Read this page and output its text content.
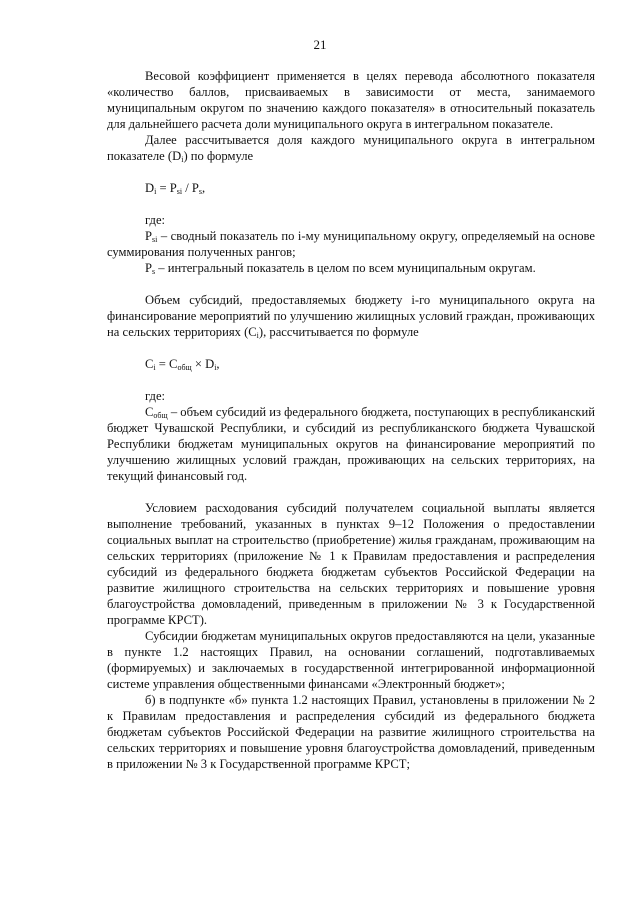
21

Весовой коэффициент применяется в целях перевода абсолютного показателя «количество баллов, присваиваемых в зависимости от места, занимаемого муниципальным округом по значению каждого показателя» в относительный показатель для дальнейшего расчета доли муниципального округа в интегральном показателе.

Далее рассчитывается доля каждого муниципального округа в интегральном показателе $(D_i)$ по формуле

$D_i = P_{si} / P_s$,

где:

$P_{si}$ – сводный показатель по i-му муниципальному округу, определяемый на основе суммирования полученных рангов;

$P_s$ – интегральный показатель в целом по всем муниципальным округам.

Объем субсидий, предоставляемых бюджету i-го муниципального округа на финансирование мероприятий по улучшению жилищных условий граждан, проживающих на сельских территориях $(C_i)$, рассчитывается по формуле

$C_i = C_{общ} \times D_i$,

где:

$C_{общ}$ – объем субсидий из федерального бюджета, поступающих в республиканский бюджет Чувашской Республики, и субсидий из республиканского бюджета Чувашской Республики бюджетам муниципальных округов на финансирование мероприятий по улучшению жилищных условий граждан, проживающих на сельских территориях, на текущий финансовый год.

Условием расходования субсидий получателем социальной выплаты является выполнение требований, указанных в пунктах 9–12 Положения о предоставлении социальных выплат на строительство (приобретение) жилья гражданам, проживающим на сельских территориях (приложение № 1 к Правилам предоставления и распределения субсидий из федерального бюджета бюджетам субъектов Российской Федерации на развитие жилищного строительства на сельских территориях и повышение уровня благоустройства домовладений, приведенным в приложении № 3 к Государственной программе КРСТ).

Субсидии бюджетам муниципальных округов предоставляются на цели, указанные в пункте 1.2 настоящих Правил, на основании соглашений, подготавливаемых (формируемых) и заключаемых в государственной интегрированной информационной системе управления общественными финансами «Электронный бюджет»;

б) в подпункте «б» пункта 1.2 настоящих Правил, установлены в приложении № 2 к Правилам предоставления и распределения субсидий из федерального бюджета бюджетам субъектов Российской Федерации на развитие жилищного строительства на сельских территориях и повышение уровня благоустройства домовладений, приведенным в приложении № 3 к Государственной программе КРСТ;
